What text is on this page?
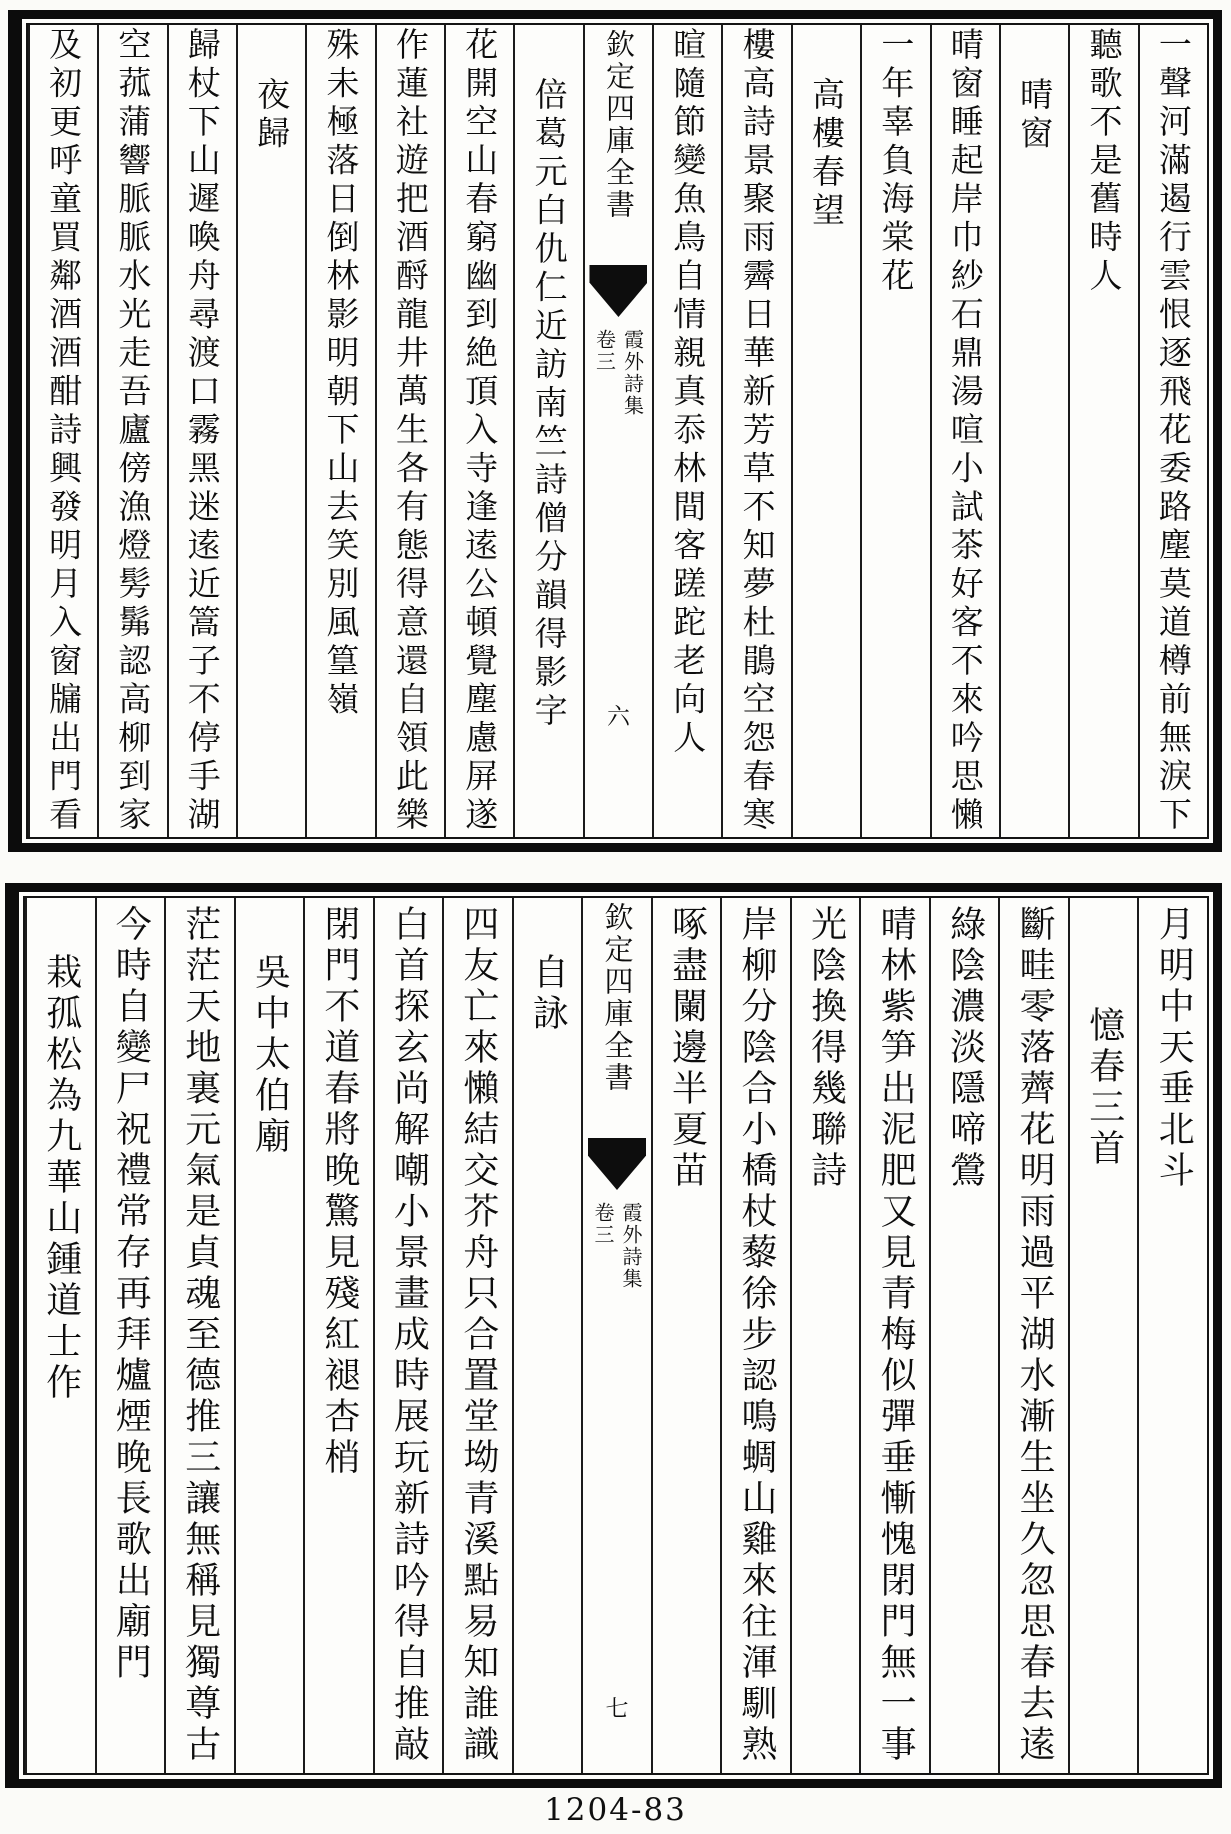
一聲河滿遏行雲恨逐飛花委路塵莫道樽前無淚下
聽歌不是舊時人
晴窗
晴窗睡起岸巾紗石鼎湯喧小試茶好客不來吟思懶
一年辜負海棠花
高樓春望
樓高詩景聚雨霽日華新芳草不知夢杜鵑空怨春寒
暄隨節變魚鳥自情親真忝林間客蹉跎老向人
欽定四庫全書
霞外詩集
卷三
六
倍葛元白仇仁近訪南竺詩僧分韻得影字
花開空山春窮幽到絶頂入寺逢逺公頓覺塵慮屏遂
作蓮社遊把酒酹龍井萬生各有態得意還自領此樂
殊未極落日倒林影明朝下山去笑別風篁嶺
夜歸
歸杖下山遲喚舟尋渡口霧黑迷逺近篙子不停手湖
空菰蒲響脈脈水光走吾廬傍漁燈髣髴認高柳到家
及初更呼童買鄰酒酒酣詩興發明月入窗牖出門看
月明中天垂北斗
憶春三首
斷畦零落薺花明雨過平湖水漸生坐久忽思春去逺
綠陰濃淡隱啼鶯
晴林紫笋出泥肥又見青梅似彈垂慚愧閉門無一事
光陰換得幾聯詩
岸柳分陰合小橋杖藜徐步認鳴蜩山雞來往渾馴熟
啄盡闌邊半夏苗
欽定四庫全書
霞外詩集
卷三
七
自詠
四友亡來懶結交芥舟只合置堂坳青溪點易知誰識
白首探玄尚解嘲小景畫成時展玩新詩吟得自推敲
閉門不道春將晚驚見殘紅褪杏梢
吳中太伯廟
茫茫天地裏元氣是貞魂至德推三讓無稱見獨尊古
今時自變尸祝禮常存再拜爐煙晚長歌出廟門
栽孤松為九華山鍾道士作
1204-83
